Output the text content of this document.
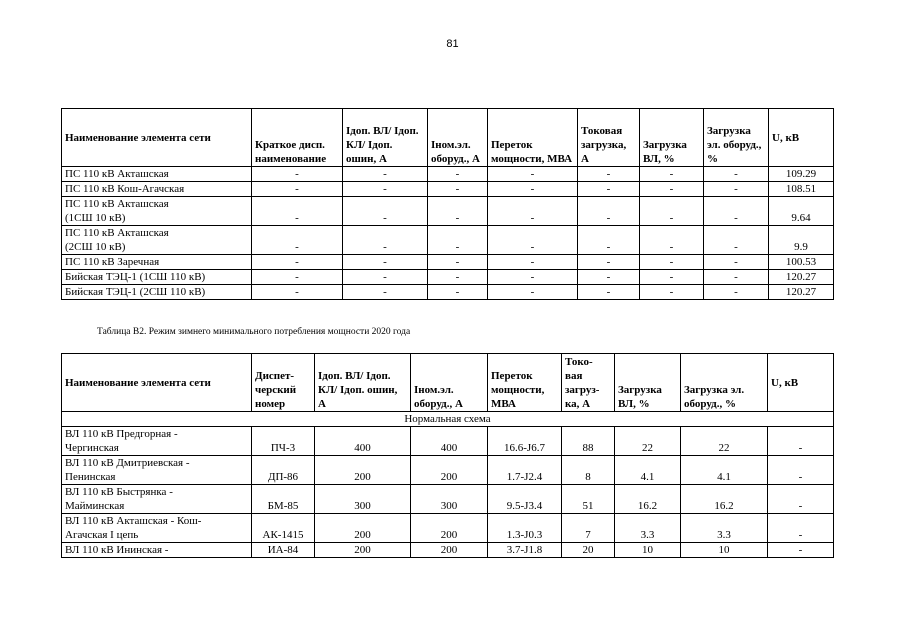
81
Наименование элемента сети	Краткое дисп. наименование	Iдоп. ВЛ/ Iдоп. КЛ/ Iдоп. ошин, А	Iном.эл. оборуд., А	Переток мощности, МВА	Токовая загрузка, А	Загрузка ВЛ, %	Загрузка эл. оборуд., %	U, кВ

ПС 110 кВ Акташская	-	-	-	-	-	-	-	109.29

ПС 110 кВ Кош-Агачская	-	-	-	-	-	-	-	108.51

ПС 110 кВ Акташская
(1СШ 10 кВ)	-	-	-	-	-	-	-	9.64

ПС 110 кВ Акташская
(2СШ 10 кВ)	-	-	-	-	-	-	-	9.9

ПС 110 кВ Заречная	-	-	-	-	-	-	-	100.53

Бийская ТЭЦ-1 (1СШ 110 кВ)	-	-	-	-	-	-	-	120.27

Бийская ТЭЦ-1 (2СШ 110 кВ)	-	-	-	-	-	-	-	120.27
Таблица В2. Режим зимнего минимального потребления мощности 2020 года
Наименование элемента сети	Диспет- черский номер	Iдоп. ВЛ/ Iдоп. КЛ/ Iдоп. ошин, А	Iном.эл. оборуд., А	Переток мощности, МВА	Токо- вая загруз- ка, А	Загрузка ВЛ, %	Загрузка эл. оборуд., %	U, кВ
Нормальная схема								

ВЛ 110 кВ Предгорная -
Чергинская	ПЧ-3	400	400	16.6-J6.7	88	22	22	-

ВЛ 110 кВ Дмитриевская -
Пенинская	ДП-86	200	200	1.7-J2.4	8	4.1	4.1	-

ВЛ 110 кВ Быстрянка -
Майминская	БМ-85	300	300	9.5-J3.4	51	16.2	16.2	-

ВЛ 110 кВ Акташская - Кош-
Агачская I цепь	АК-1415	200	200	1.3-J0.3	7	3.3	3.3	-

ВЛ 110 кВ Ининская -	ИА-84	200	200	3.7-J1.8	20	10	10	-
